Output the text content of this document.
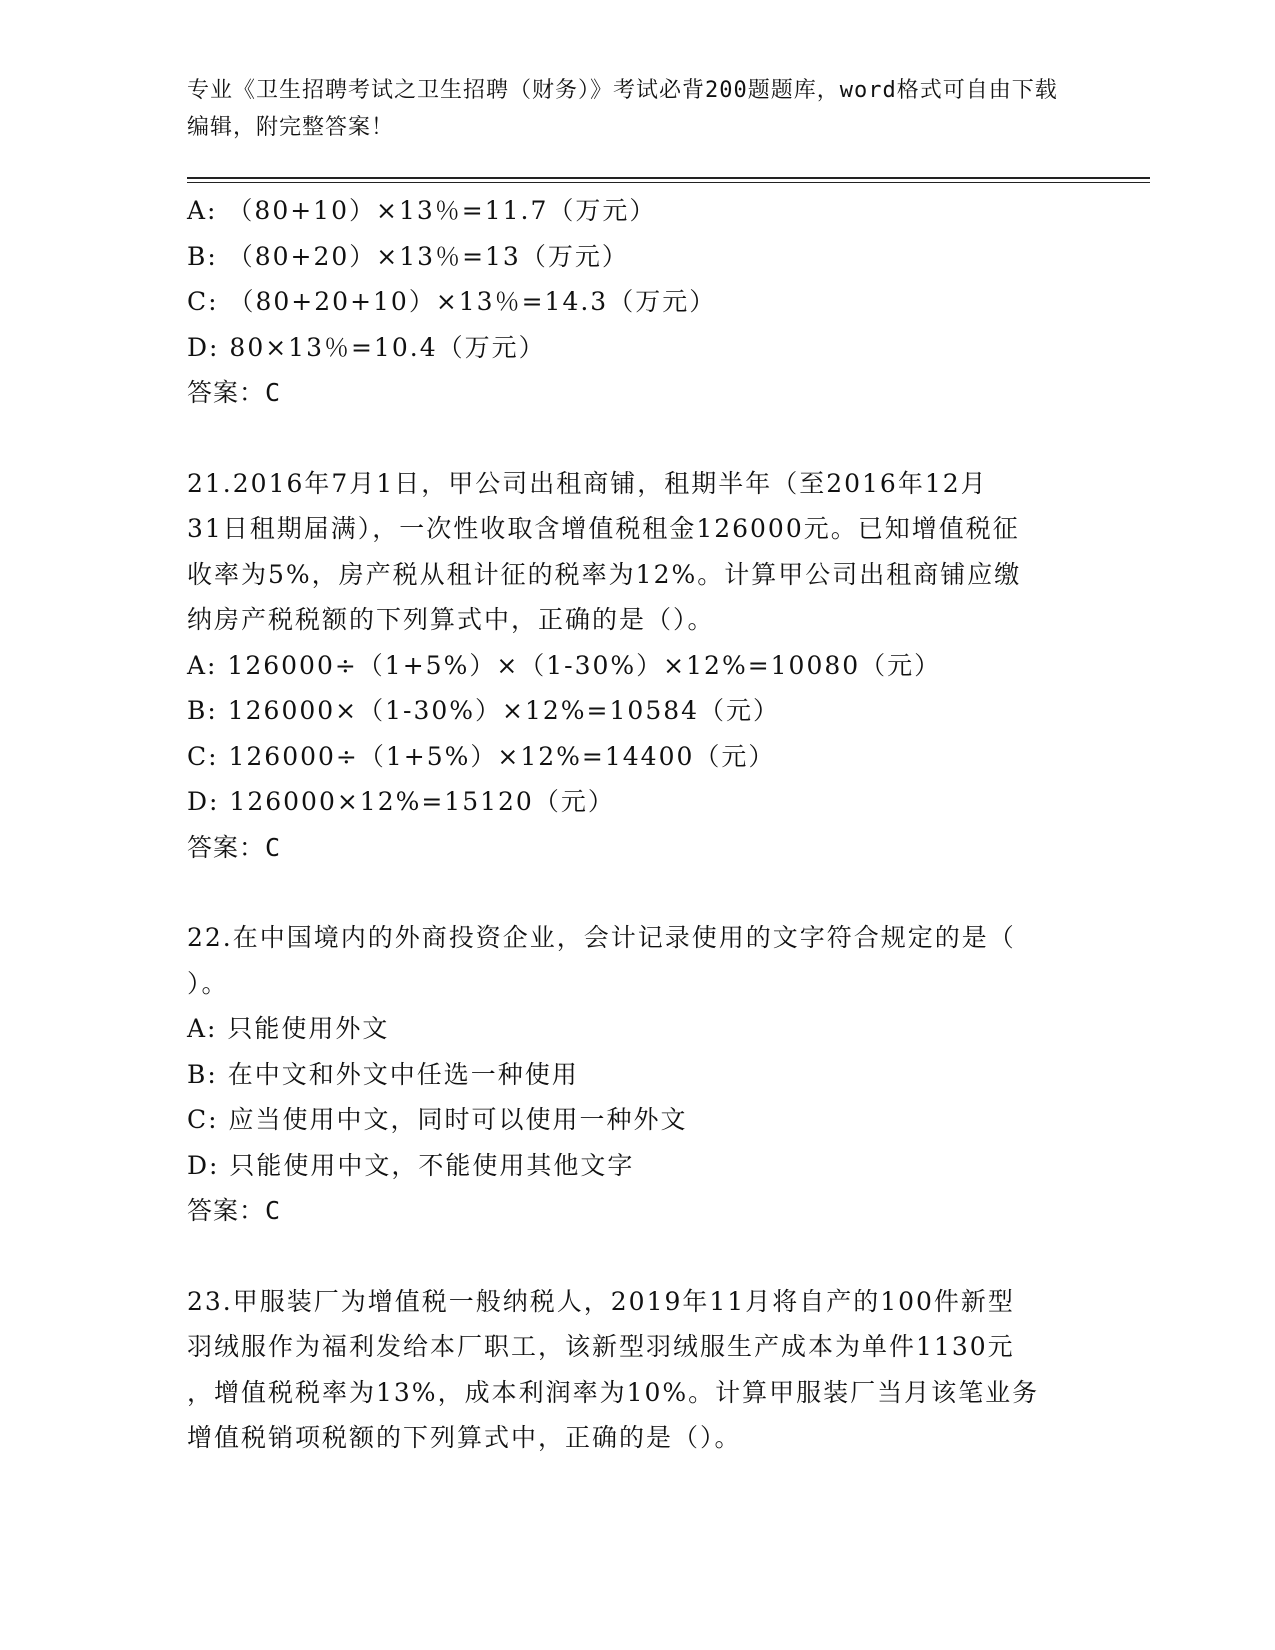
专业《卫生招聘考试之卫生招聘（财务）》考试必背200题题库，word格式可自由下载编辑，附完整答案！
A: （80+10）×13％=11.7（万元）
B: （80+20）×13％=13（万元）
C: （80+20+10）×13％=14.3（万元）
D: 80×13％=10.4（万元）
答案：C
21.2016年7月1日，甲公司出租商铺，租期半年（至2016年12月
31日租期届满），一次性收取含增值税租金126000元。已知增值税征
收率为5%，房产税从租计征的税率为12%。计算甲公司出租商铺应缴
纳房产税税额的下列算式中，正确的是（）。
A: 126000÷（1+5%）×（1-30%）×12%=10080（元）
B: 126000×（1-30%）×12%=10584（元）
C: 126000÷（1+5%）×12%=14400（元）
D: 126000×12%=15120（元）
答案：C
22.在中国境内的外商投资企业，会计记录使用的文字符合规定的是（
）。
A: 只能使用外文
B: 在中文和外文中任选一种使用
C: 应当使用中文，同时可以使用一种外文
D: 只能使用中文，不能使用其他文字
答案：C
23.甲服装厂为增值税一般纳税人，2019年11月将自产的100件新型
羽绒服作为福利发给本厂职工，该新型羽绒服生产成本为单件1130元
，增值税税率为13%，成本利润率为10%。计算甲服装厂当月该笔业务
增值税销项税额的下列算式中，正确的是（）。
